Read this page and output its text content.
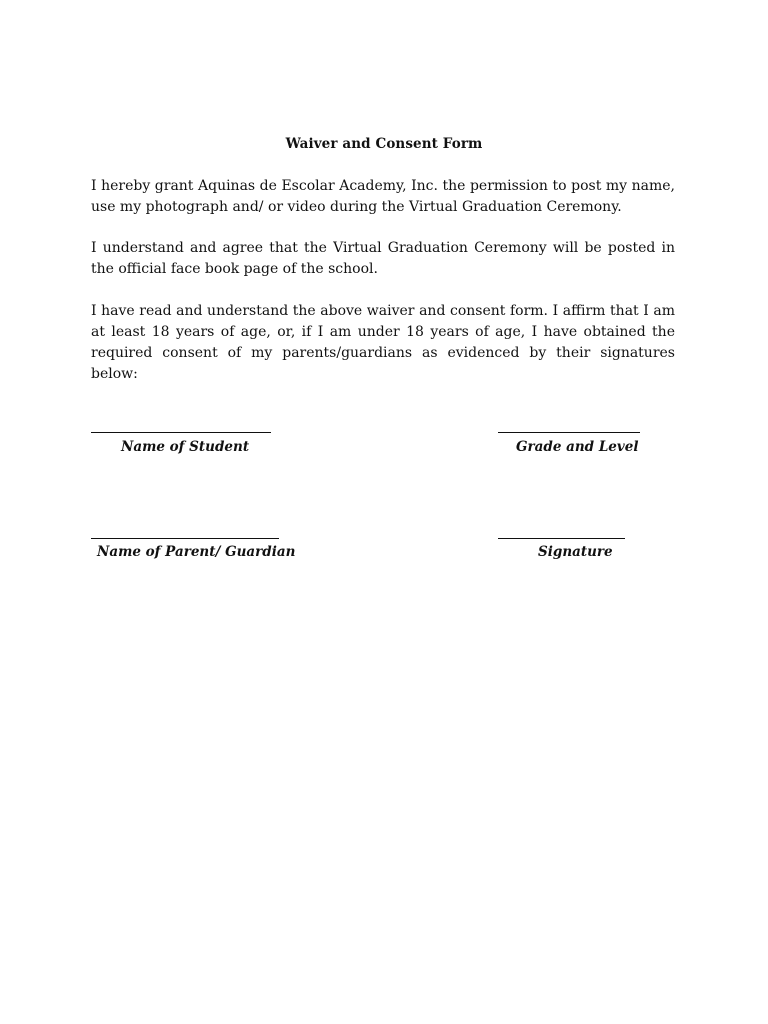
Waiver and Consent Form

I hereby grant Aquinas de Escolar Academy, Inc. the permission to post my name, use my photograph and/ or video during the Virtual Graduation Ceremony.

I understand and agree that the Virtual Graduation Ceremony will be posted in the official face book page of the school.

I have read and understand the above waiver and consent form. I affirm that I am at least 18 years of age, or, if I am under 18 years of age, I have obtained the required consent of my parents/guardians as evidenced by their signatures below:

Name of Student	Grade and Level
Name of Parent/ Guardian	Signature
